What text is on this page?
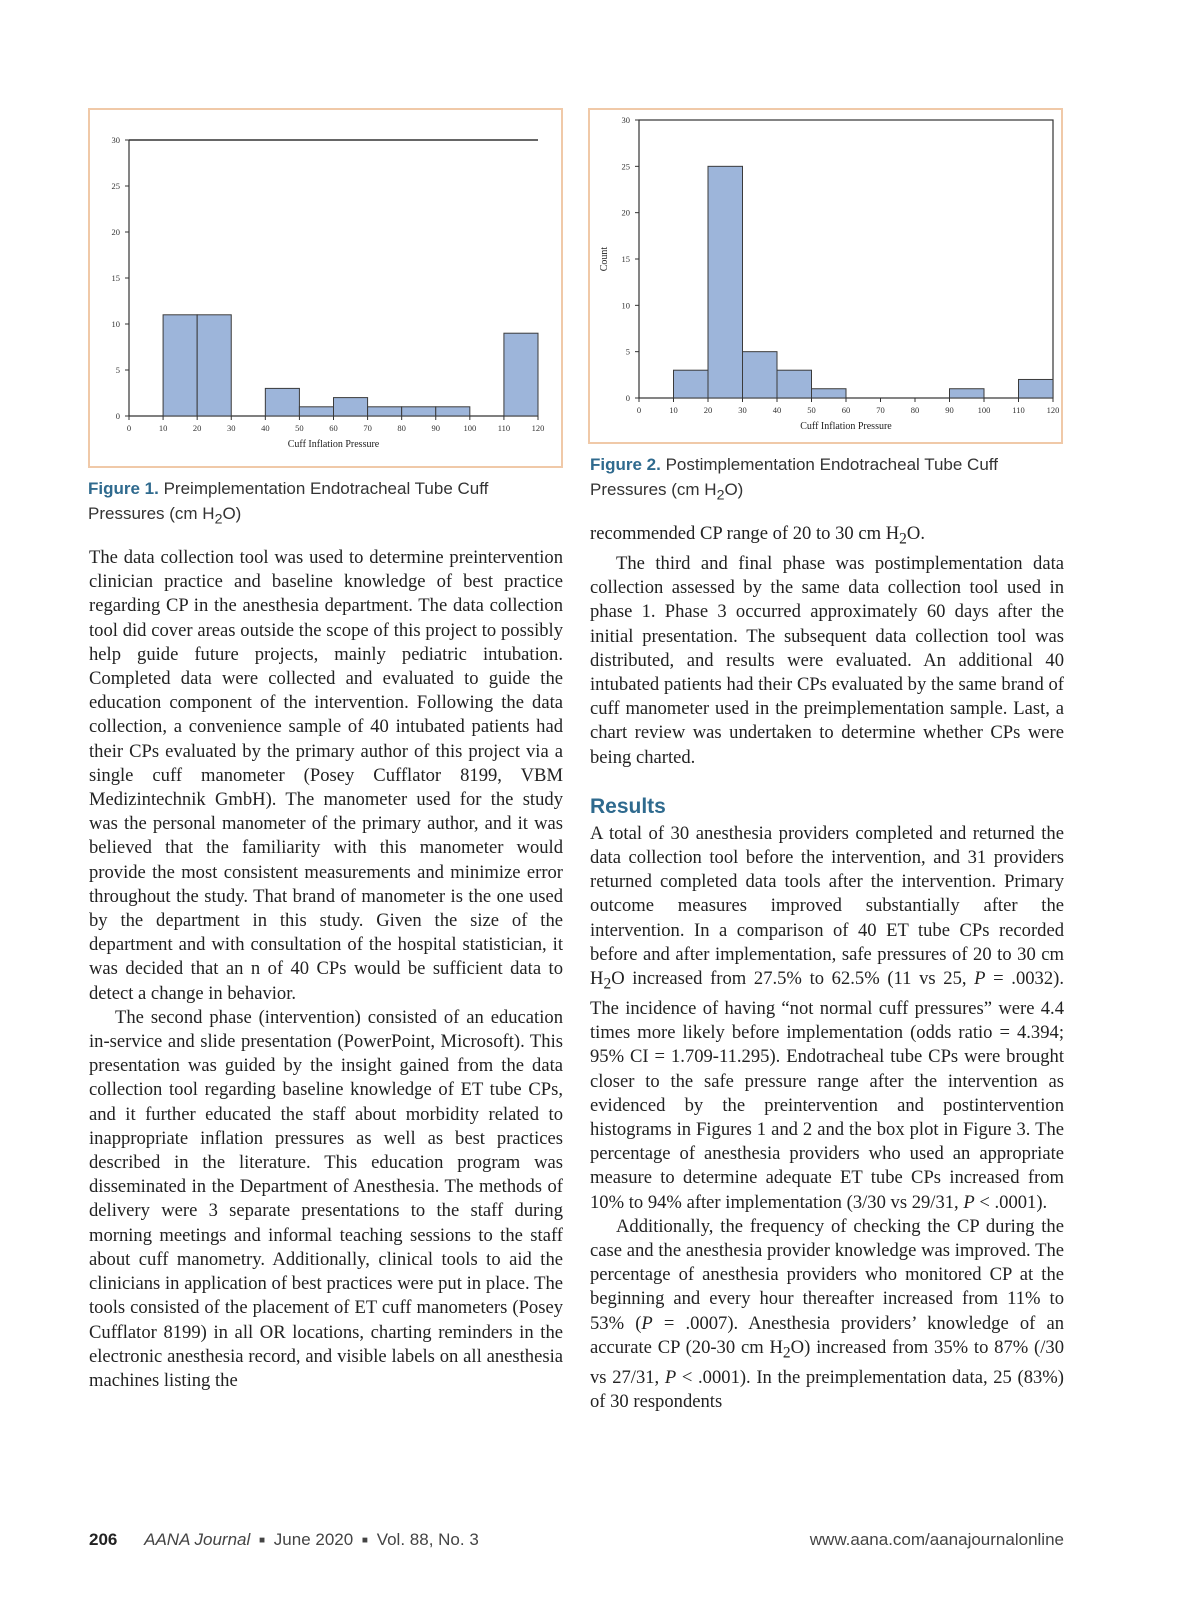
0	10	20	30	40	50	60	70	80	90	100	110	120
0
5
10
15
20
25
30
Cuff Inflation Pressure
Figure 1. Preimplementation Endotracheal Tube Cuff Pressures (cm $H_2O$)
0	10	20	30	40	50	60	70	80	90	100	110	120
0
5
10
15
20
25
30
Cuff Inflation Pressure
Count
Figure 2. Postimplementation Endotracheal Tube Cuff Pressures (cm $H_2O$)

The data collection tool was used to determine preintervention clinician practice and baseline knowledge of best practice regarding CP in the anesthesia department. The data collection tool did cover areas outside the scope of this project to possibly help guide future projects, mainly pediatric intubation. Completed data were collected and evaluated to guide the education component of the intervention. Following the data collection, a convenience sample of 40 intubated patients had their CPs evaluated by the primary author of this project via a single cuff manometer (Posey Cufflator 8199, VBM Medizintechnik GmbH). The manometer used for the study was the personal manometer of the primary author, and it was believed that the familiarity with this manometer would provide the most consistent measurements and minimize error throughout the study. That brand of manometer is the one used by the department in this study. Given the size of the department and with consultation of the hospital statistician, it was decided that an n of 40 CPs would be sufficient data to detect a change in behavior.

The second phase (intervention) consisted of an education in-service and slide presentation (PowerPoint, Microsoft). This presentation was guided by the insight gained from the data collection tool regarding baseline knowledge of ET tube CPs, and it further educated the staff about morbidity related to inappropriate inflation pressures as well as best practices described in the literature. This education program was disseminated in the Department of Anesthesia. The methods of delivery were 3 separate presentations to the staff during morning meetings and informal teaching sessions to the staff about cuff manometry. Additionally, clinical tools to aid the clinicians in application of best practices were put in place. The tools consisted of the placement of ET cuff manometers (Posey Cufflator 8199) in all OR locations, charting reminders in the electronic anesthesia record, and visible labels on all anesthesia machines listing the

recommended CP range of 20 to 30 cm $H_2O$.

The third and final phase was postimplementation data collection assessed by the same data collection tool used in phase 1. Phase 3 occurred approximately 60 days after the initial presentation. The subsequent data collection tool was distributed, and results were evaluated. An additional 40 intubated patients had their CPs evaluated by the same brand of cuff manometer used in the preimplementation sample. Last, a chart review was undertaken to determine whether CPs were being charted.

Results

A total of 30 anesthesia providers completed and returned the data collection tool before the intervention, and 31 providers returned completed data tools after the intervention. Primary outcome measures improved substantially after the intervention. In a comparison of 40 ET tube CPs recorded before and after implementation, safe pressures of 20 to 30 cm $H_2O$ increased from 27.5% to 62.5% (11 vs 25, P = .0032). The incidence of having “not normal cuff pressures” were 4.4 times more likely before implementation (odds ratio = 4.394; 95% CI = 1.709-11.295). Endotracheal tube CPs were brought closer to the safe pressure range after the intervention as evidenced by the preintervention and postintervention histograms in Figures 1 and 2 and the box plot in Figure 3. The percentage of anesthesia providers who used an appropriate measure to determine adequate ET tube CPs increased from 10% to 94% after implementation (3/30 vs 29/31, P < .0001).

Additionally, the frequency of checking the CP during the case and the anesthesia provider knowledge was improved. The percentage of anesthesia providers who monitored CP at the beginning and every hour thereafter increased from 11% to 53% (P = .0007). Anesthesia providers’ knowledge of an accurate CP (20-30 cm $H_2O$) increased from 35% to 87% (/30 vs 27/31, P < .0001). In the preimplementation data, 25 (83%) of 30 respondents

206 AANA Journal ■ June 2020 ■ Vol. 88, No. 3	www.aana.com/aanajournalonline
